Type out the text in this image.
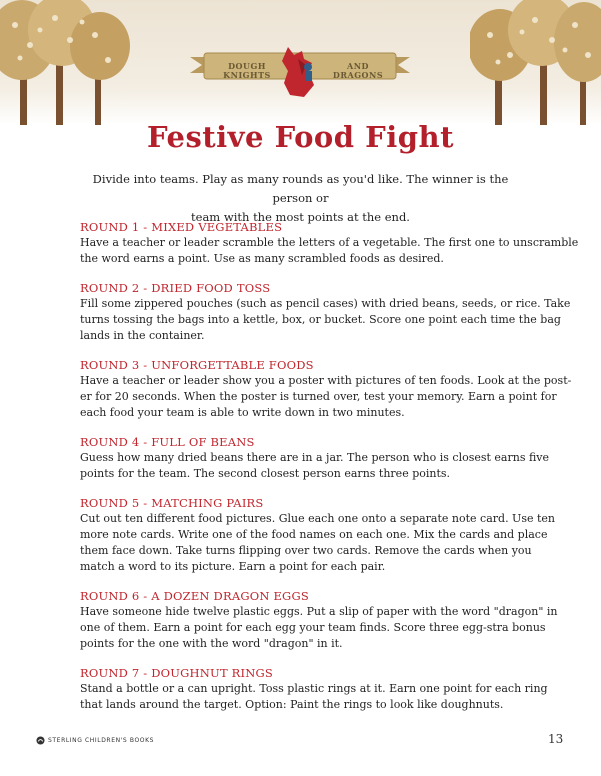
DOUGH
KNIGHTS
AND
DRAGONS
Festive Food Fight
Divide into teams. Play as many rounds as you'd like. The winner is the person or
team with the most points at the end.
ROUND 1 - MIXED VEGETABLES

Have a teacher or leader scramble the letters of a vegetable. The first one to unscramble

the word earns a point. Use as many scrambled foods as desired.

ROUND 2 - DRIED FOOD TOSS

Fill some zippered pouches (such as pencil cases) with dried beans, seeds, or rice. Take

turns tossing the bags into a kettle, box, or bucket. Score one point each time the bag

lands in the container.

ROUND 3 - UNFORGETTABLE FOODS

Have a teacher or leader show you a poster with pictures of ten foods. Look at the post-

er for 20 seconds. When the poster is turned over, test your memory. Earn a point for

each food your team is able to write down in two minutes.

ROUND 4 - FULL OF BEANS

Guess how many dried beans there are in a jar. The person who is closest earns five

points for the team. The second closest person earns three points.

ROUND 5 - MATCHING PAIRS

Cut out ten different food pictures. Glue each one onto a separate note card. Use ten

more note cards. Write one of the food names on each one. Mix the cards and place

them face down. Take turns flipping over two cards. Remove the cards when you

match a word to its picture. Earn a point for each pair.

ROUND 6 - A DOZEN DRAGON EGGS

Have someone hide twelve plastic eggs. Put a slip of paper with the word "dragon" in

one of them. Earn a point for each egg your team finds. Score three egg-stra bonus

points for the one with the word "dragon" in it.

ROUND 7 - DOUGHNUT RINGS

Stand a bottle or a can upright. Toss plastic rings at it. Earn one point for each ring

that lands around the target. Option: Paint the rings to look like doughnuts.

STERLING CHILDREN'S BOOKS	13
